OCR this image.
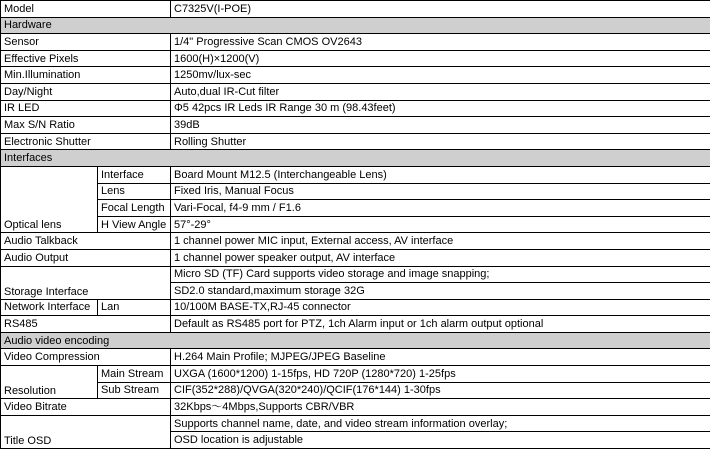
Model		C7325V(I-POE)
Hardware		
Sensor		1/4" Progressive Scan CMOS OV2643
Effective Pixels		1600(H)×1200(V)
Min.Illumination		1250mv/lux-sec
Day/Night		Auto,dual IR-Cut filter
IR LED		Φ5 42pcs IR Leds IR Range 30 m (98.43feet)
Max S/N Ratio		39dB
Electronic Shutter		Rolling Shutter
Interfaces		
Optical lens	Interface	Board Mount M12.5 (Interchangeable Lens)
	Lens	Fixed Iris, Manual Focus
	Focal Length	Vari-Focal, f4-9 mm / F1.6
	H View Angle	57°-29°
Audio Talkback		1 channel power MIC input, External access, AV interface
Audio Output		1 channel power speaker output, AV interface
Storage Interface		Micro SD (TF) Card supports video storage and image snapping;
		SD2.0 standard,maximum storage 32G
Network Interface	Lan	10/100M BASE-TX,RJ-45 connector
RS485		Default as RS485 port for PTZ, 1ch Alarm input or 1ch alarm output optional
Audio video encoding		
Video Compression		H.264 Main Profile; MJPEG/JPEG Baseline
Resolution	Main Stream	UXGA (1600*1200) 1-15fps, HD 720P (1280*720) 1-25fps
	Sub Stream	CIF(352*288)/QVGA(320*240)/QCIF(176*144) 1-30fps
Video Bitrate		32Kbps～4Mbps,Supports CBR/VBR
Title OSD		Supports channel name, date, and video stream information overlay;
		OSD location is adjustable
